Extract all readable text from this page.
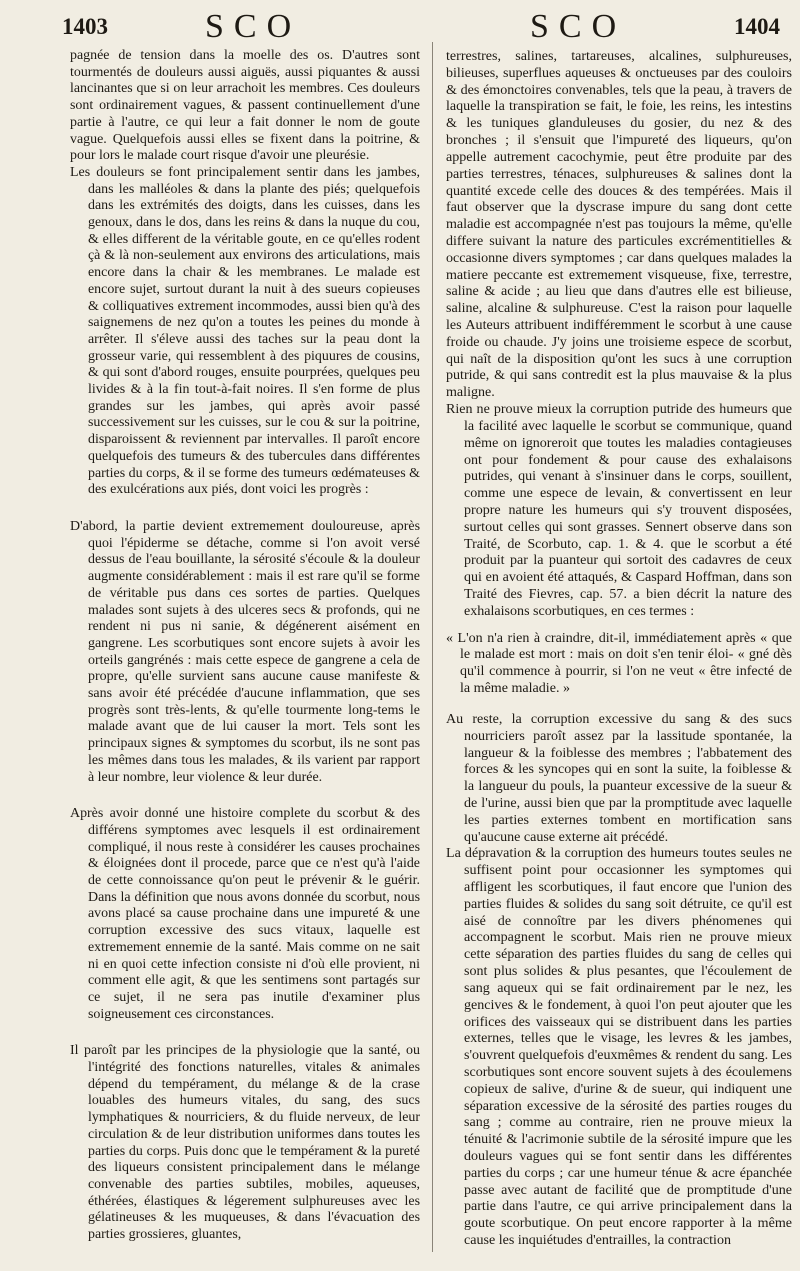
1403	SCO	SCO	1404

pagnée de tension dans la moelle des os. D'autres sont tourmentés de douleurs aussi aiguës, aussi piquantes & aussi lancinantes que si on leur arrachoit les membres. Ces douleurs sont ordinairement vagues, & passent continuellement d'une partie à l'autre, ce qui leur a fait donner le nom de goute vague. Quelquefois aussi elles se fixent dans la poitrine, & pour lors le malade court risque d'avoir une pleurésie.

Les douleurs se font principalement sentir dans les jambes, dans les malléoles & dans la plante des piés; quelquefois dans les extrémités des doigts, dans les cuisses, dans les genoux, dans le dos, dans les reins & dans la nuque du cou, & elles different de la véritable goute, en ce qu'elles rodent çà & là non-seulement aux environs des articulations, mais encore dans la chair & les membranes. Le malade est encore sujet, surtout durant la nuit à des sueurs copieuses & colliquatives extrement incommodes, aussi bien qu'à des saignemens de nez qu'on a toutes les peines du monde à arrêter. Il s'éleve aussi des taches sur la peau dont la grosseur varie, qui ressemblent à des piquures de cousins, & qui sont d'abord rouges, ensuite pourprées, quelques peu livides & à la fin tout-à-fait noires. Il s'en forme de plus grandes sur les jambes, qui après avoir passé successivement sur les cuisses, sur le cou & sur la poitrine, disparoissent & reviennent par intervalles. Il paroît encore quelquefois des tumeurs & des tubercules dans différentes parties du corps, & il se forme des tumeurs œdémateuses & des exulcérations aux piés, dont voici les progrès :

D'abord, la partie devient extremement douloureuse, après quoi l'épiderme se détache, comme si l'on avoit versé dessus de l'eau bouillante, la sérosité s'écoule & la douleur augmente considérablement : mais il est rare qu'il se forme de véritable pus dans ces sortes de parties. Quelques malades sont sujets à des ulceres secs & profonds, qui ne rendent ni pus ni sanie, & dégénerent aisément en gangrene. Les scorbutiques sont encore sujets à avoir les orteils gangrénés : mais cette espece de gangrene a cela de propre, qu'elle survient sans aucune cause manifeste & sans avoir été précédée d'aucune inflammation, que ses progrès sont très-lents, & qu'elle tourmente long-tems le malade avant que de lui causer la mort. Tels sont les principaux signes & symptomes du scorbut, ils ne sont pas les mêmes dans tous les malades, & ils varient par rapport à leur nombre, leur violence & leur durée.

Après avoir donné une histoire complete du scorbut & des différens symptomes avec lesquels il est ordinairement compliqué, il nous reste à considérer les causes prochaines & éloignées dont il procede, parce que ce n'est qu'à l'aide de cette connoissance qu'on peut le prévenir & le guérir. Dans la définition que nous avons donnée du scorbut, nous avons placé sa cause prochaine dans une impureté & une corruption excessive des sucs vitaux, laquelle est extremement ennemie de la santé. Mais comme on ne sait ni en quoi cette infection consiste ni d'où elle provient, ni comment elle agit, & que les sentimens sont partagés sur ce sujet, il ne sera pas inutile d'examiner plus soigneusement ces circonstances.

Il paroît par les principes de la physiologie que la santé, ou l'intégrité des fonctions naturelles, vitales & animales dépend du tempérament, du mélange & de la crase louables des humeurs vitales, du sang, des sucs lymphatiques & nourriciers, & du fluide nerveux, de leur circulation & de leur distribution uniformes dans toutes les parties du corps. Puis donc que le tempérament & la pureté des liqueurs consistent principalement dans le mélange convenable des parties subtiles, mobiles, aqueuses, éthérées, élastiques & légerement sulphureuses avec les gélatineuses & les muqueuses, & dans l'évacuation des parties grossieres, gluantes,

terrestres, salines, tartareuses, alcalines, sulphureuses, bilieuses, superflues aqueuses & onctueuses par des couloirs & des émonctoires convenables, tels que la peau, à travers de laquelle la transpiration se fait, le foie, les reins, les intestins & les tuniques glanduleuses du gosier, du nez & des bronches ; il s'ensuit que l'impureté des liqueurs, qu'on appelle autrement cacochymie, peut être produite par des parties terrestres, ténaces, sulphureuses & salines dont la quantité excede celle des douces & des tempérées. Mais il faut observer que la dyscrase impure du sang dont cette maladie est accompagnée n'est pas toujours la même, qu'elle differe suivant la nature des particules excrémentitielles & occasionne divers symptomes ; car dans quelques malades la matiere peccante est extremement visqueuse, fixe, terrestre, saline & acide ; au lieu que dans d'autres elle est bilieuse, saline, alcaline & sulphureuse. C'est la raison pour laquelle les Auteurs attribuent indifféremment le scorbut à une cause froide ou chaude. J'y joins une troisieme espece de scorbut, qui naît de la disposition qu'ont les sucs à une corruption putride, & qui sans contredit est la plus mauvaise & la plus maligne.

Rien ne prouve mieux la corruption putride des humeurs que la facilité avec laquelle le scorbut se communique, quand même on ignoreroit que toutes les maladies contagieuses ont pour fondement & pour cause des exhalaisons putrides, qui venant à s'insinuer dans le corps, souillent, comme une espece de levain, & convertissent en leur propre nature les humeurs qui s'y trouvent disposées, surtout celles qui sont grasses. Sennert observe dans son Traité, de Scorbuto, cap. 1. & 4. que le scorbut a été produit par la puanteur qui sortoit des cadavres de ceux qui en avoient été attaqués, & Caspard Hoffman, dans son Traité des Fievres, cap. 57. a bien décrit la nature des exhalaisons scorbutiques, en ces termes :

« L'on n'a rien à craindre, dit-il, immédiatement après « que le malade est mort : mais on doit s'en tenir éloi- « gné dès qu'il commence à pourrir, si l'on ne veut « être infecté de la même maladie. »

Au reste, la corruption excessive du sang & des sucs nourriciers paroît assez par la lassitude spontanée, la langueur & la foiblesse des membres ; l'abbatement des forces & les syncopes qui en sont la suite, la foiblesse & la langueur du pouls, la puanteur excessive de la sueur & de l'urine, aussi bien que par la promptitude avec laquelle les parties externes tombent en mortification sans qu'aucune cause externe ait précédé.

La dépravation & la corruption des humeurs toutes seules ne suffisent point pour occasionner les symptomes qui affligent les scorbutiques, il faut encore que l'union des parties fluides & solides du sang soit détruite, ce qu'il est aisé de connoître par les divers phénomenes qui accompagnent le scorbut. Mais rien ne prouve mieux cette séparation des parties fluides du sang de celles qui sont plus solides & plus pesantes, que l'écoulement de sang aqueux qui se fait ordinairement par le nez, les gencives & le fondement, à quoi l'on peut ajouter que les orifices des vaisseaux qui se distribuent dans les parties externes, telles que le visage, les levres & les jambes, s'ouvrent quelquefois d'euxmêmes & rendent du sang. Les scorbutiques sont encore souvent sujets à des écoulemens copieux de salive, d'urine & de sueur, qui indiquent une séparation excessive de la sérosité des parties rouges du sang ; comme au contraire, rien ne prouve mieux la ténuité & l'acrimonie subtile de la sérosité impure que les douleurs vagues qui se font sentir dans les différentes parties du corps ; car une humeur ténue & acre épanchée passe avec autant de facilité que de promptitude d'une partie dans l'autre, ce qui arrive principalement dans la goute scorbutique. On peut encore rapporter à la même cause les inquiétudes d'entrailles, la contraction
